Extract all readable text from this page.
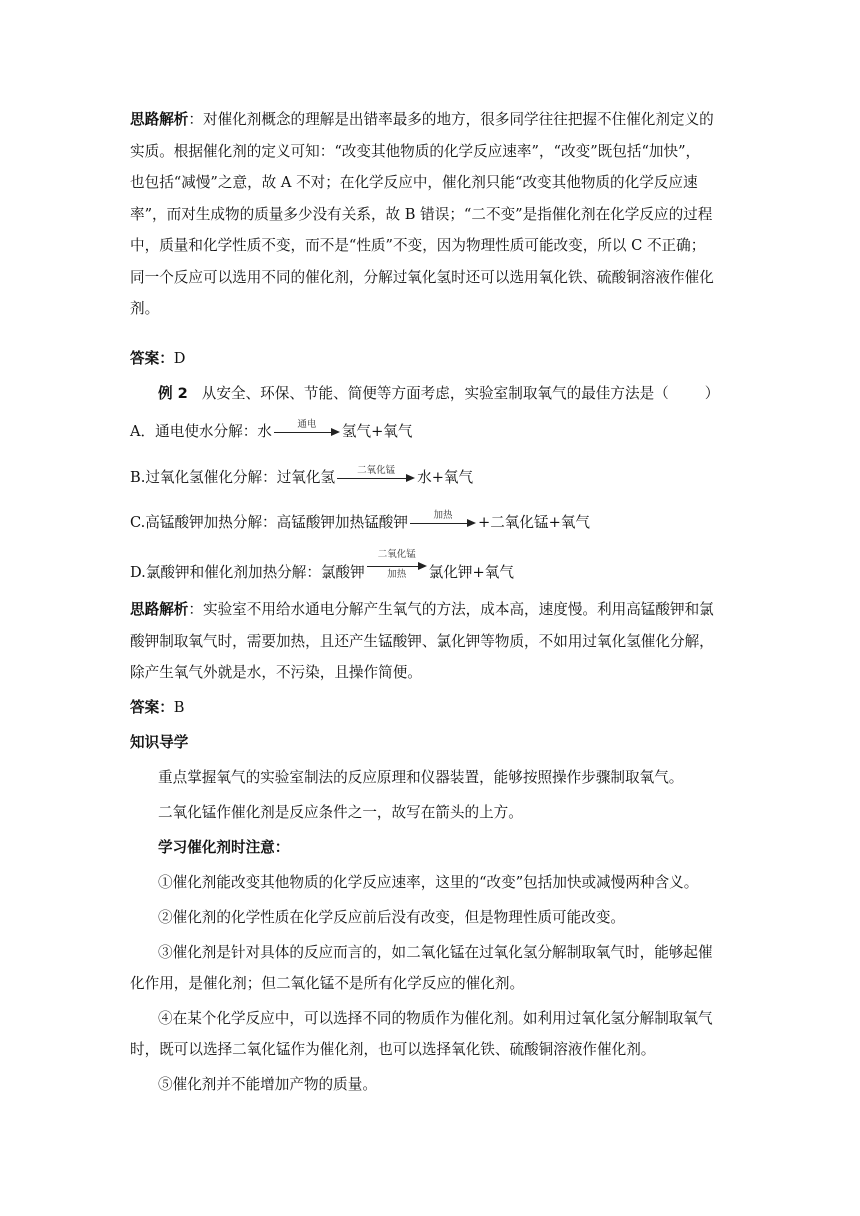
思路解析：对催化剂概念的理解是出错率最多的地方，很多同学往往把握不住催化剂定义的
实质。根据催化剂的定义可知：“改变其他物质的化学反应速率”，“改变”既包括“加快”，
也包括“减慢”之意，故 A 不对；在化学反应中，催化剂只能“改变其他物质的化学反应速
率”，而对生成物的质量多少没有关系，故 B 错误；“二不变”是指催化剂在化学反应的过程
中，质量和化学性质不变，而不是“性质”不变，因为物理性质可能改变，所以 C 不正确；
同一个反应可以选用不同的催化剂，分解过氧化氢时还可以选用氧化铁、硫酸铜溶液作催化
剂。
答案：D
例 2 从安全、环保、节能、简便等方面考虑，实验室制取氧气的最佳方法是（ ）
A．通电使水分解：水	通电	氢气+氧气
B.过氧化氢催化分解：过氧化氢	二氧化锰	水+氧气
C.高锰酸钾加热分解：高锰酸钾加热锰酸钾	加热	+二氧化锰+氧气
D.氯酸钾和催化剂加热分解：氯酸钾
二氧化锰
加热	氯化钾+氧气
思路解析：实验室不用给水通电分解产生氧气的方法，成本高，速度慢。利用高锰酸钾和氯
酸钾制取氧气时，需要加热，且还产生锰酸钾、氯化钾等物质，不如用过氧化氢催化分解，
除产生氧气外就是水，不污染，且操作简便。
答案：B
知识导学
重点掌握氧气的实验室制法的反应原理和仪器装置，能够按照操作步骤制取氧气。
二氧化锰作催化剂是反应条件之一，故写在箭头的上方。
学习催化剂时注意：
①催化剂能改变其他物质的化学反应速率，这里的“改变”包括加快或减慢两种含义。
②催化剂的化学性质在化学反应前后没有改变，但是物理性质可能改变。
③催化剂是针对具体的反应而言的，如二氧化锰在过氧化氢分解制取氧气时，能够起催
化作用，是催化剂；但二氧化锰不是所有化学反应的催化剂。
④在某个化学反应中，可以选择不同的物质作为催化剂。如利用过氧化氢分解制取氧气
时，既可以选择二氧化锰作为催化剂，也可以选择氧化铁、硫酸铜溶液作催化剂。
⑤催化剂并不能增加产物的质量。
